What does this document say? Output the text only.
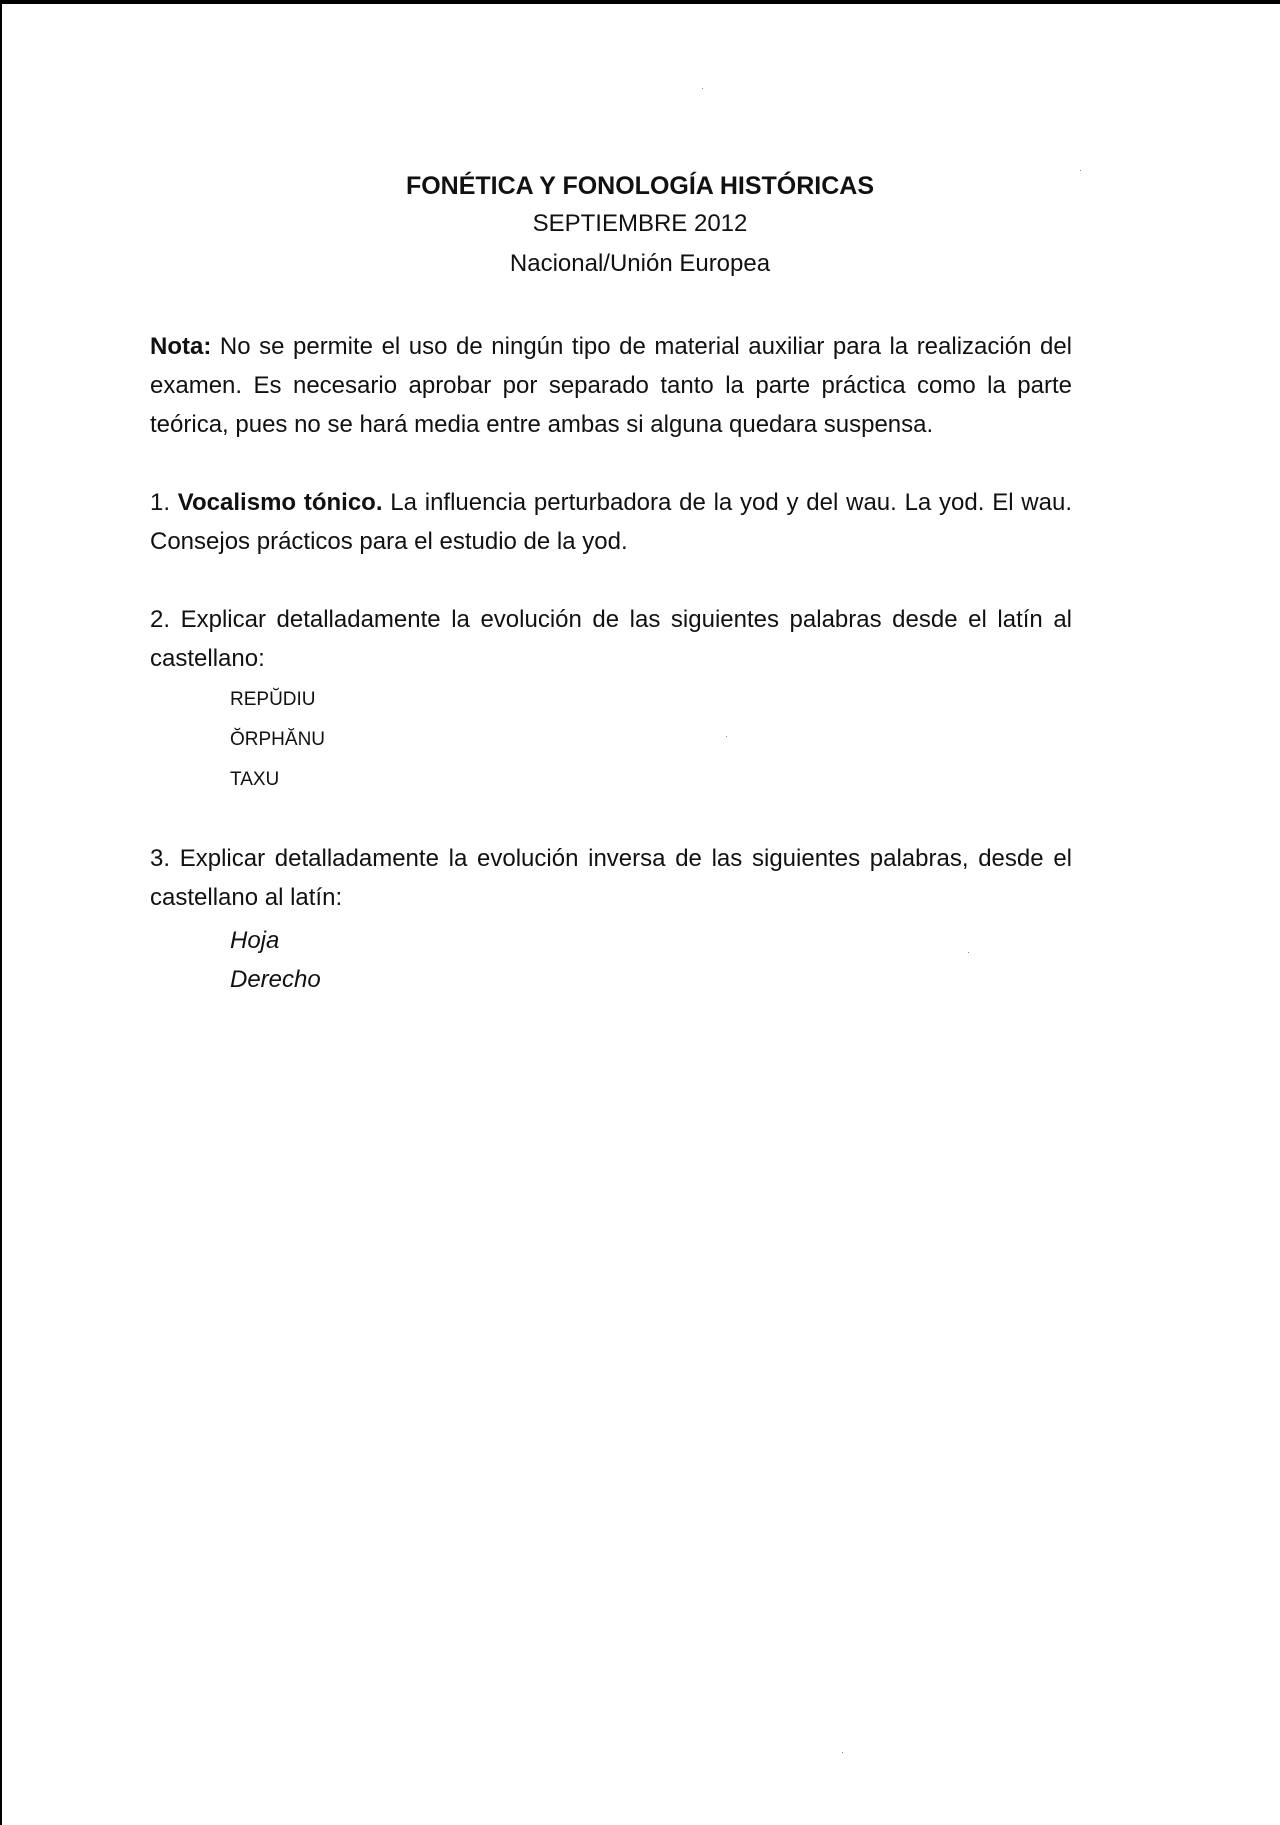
FONÉTICA Y FONOLOGÍA HISTÓRICAS
SEPTIEMBRE 2012
Nacional/Unión Europea

Nota: No se permite el uso de ningún tipo de material auxiliar para la realización del examen. Es necesario aprobar por separado tanto la parte práctica como la parte teórica, pues no se hará media entre ambas si alguna quedara suspensa.

1. Vocalismo tónico. La influencia perturbadora de la yod y del wau. La yod. El wau. Consejos prácticos para el estudio de la yod.

2. Explicar detalladamente la evolución de las siguientes palabras desde el latín al castellano:

REPŬDIU
ŎRPHĂNU
TAXU

3. Explicar detalladamente la evolución inversa de las siguientes palabras, desde el castellano al latín:

Hoja
Derecho
